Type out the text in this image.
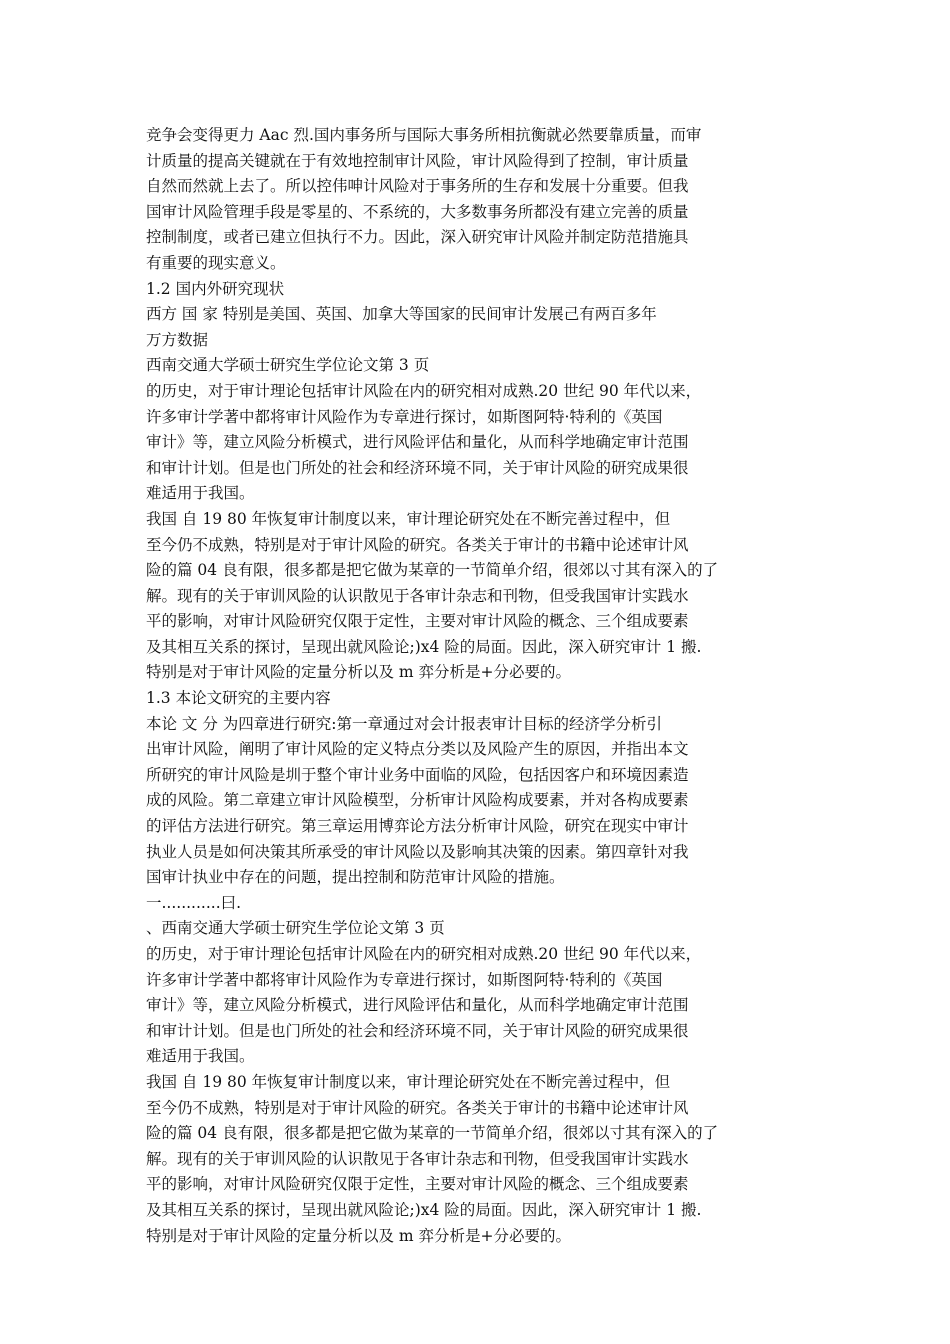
竞争会变得更力 Aac 烈.国内事务所与国际大事务所相抗衡就必然要靠质量，而审
计质量的提高关键就在于有效地控制审计风险，审计风险得到了控制，审计质量
自然而然就上去了。所以控伟呻计风险对于事务所的生存和发展十分重要。但我
国审计风险管理手段是零星的、不系统的，大多数事务所都没有建立完善的质量
控制制度，或者已建立但执行不力。因此，深入研究审计风险并制定防范措施具
有重要的现实意义。
1.2 国内外研究现状
西方 国 家 特别是美国、英国、加拿大等国家的民间审计发展己有两百多年
万方数据
西南交通大学硕士研究生学位论文第 3 页
的历史，对于审计理论包括审计风险在内的研究相对成熟.20 世纪 90 年代以来，
许多审计学著中都将审计风险作为专章进行探讨，如斯图阿特·特利的《英国
审计》等，建立风险分析模式，进行风险评估和量化，从而科学地确定审计范围
和审计计划。但是也门所处的社会和经济环境不同，关于审计风险的研究成果很
难适用于我国。
我国 自 19 80 年恢复审计制度以来，审计理论研究处在不断完善过程中，但
至今仍不成熟，特别是对于审计风险的研究。各类关于审计的书籍中论述审计风
险的篇 04 良有限，很多都是把它做为某章的一节简单介绍，很郊以寸其有深入的了
解。现有的关于审训风险的认识散见于各审计杂志和刊物，但受我国审计实践水
平的影响，对审计风险研究仅限于定性，主要对审计风险的概念、三个组成要素
及其相互关系的探讨，呈现出就风险论;)x4 险的局面。因此，深入研究审计 1 搬.
特别是对于审计风险的定量分析以及 m 弈分析是+分必要的。
1.3 本论文研究的主要内容
本论 文 分 为四章进行研究:第一章通过对会计报表审计目标的经济学分析引
出审计风险，阐明了审计风险的定义特点分类以及风险产生的原因，并指出本文
所研究的审计风险是圳于整个审计业务中面临的风险，包括因客户和环境因素造
成的风险。第二章建立审计风险模型，分析审计风险构成要素，并对各构成要素
的评估方法进行研究。第三章运用博弈论方法分析审计风险，研究在现实中审计
执业人员是如何决策其所承受的审计风险以及影响其决策的因素。第四章针对我
国审计执业中存在的问题，提出控制和防范审计风险的措施。
一............曰.
、西南交通大学硕士研究生学位论文第 3 页
的历史，对于审计理论包括审计风险在内的研究相对成熟.20 世纪 90 年代以来，
许多审计学著中都将审计风险作为专章进行探讨，如斯图阿特·特利的《英国
审计》等，建立风险分析模式，进行风险评估和量化，从而科学地确定审计范围
和审计计划。但是也门所处的社会和经济环境不同，关于审计风险的研究成果很
难适用于我国。
我国 自 19 80 年恢复审计制度以来，审计理论研究处在不断完善过程中，但
至今仍不成熟，特别是对于审计风险的研究。各类关于审计的书籍中论述审计风
险的篇 04 良有限，很多都是把它做为某章的一节简单介绍，很郊以寸其有深入的了
解。现有的关于审训风险的认识散见于各审计杂志和刊物，但受我国审计实践水
平的影响，对审计风险研究仅限于定性，主要对审计风险的概念、三个组成要素
及其相互关系的探讨，呈现出就风险论;)x4 险的局面。因此，深入研究审计 1 搬.
特别是对于审计风险的定量分析以及 m 弈分析是+分必要的。
